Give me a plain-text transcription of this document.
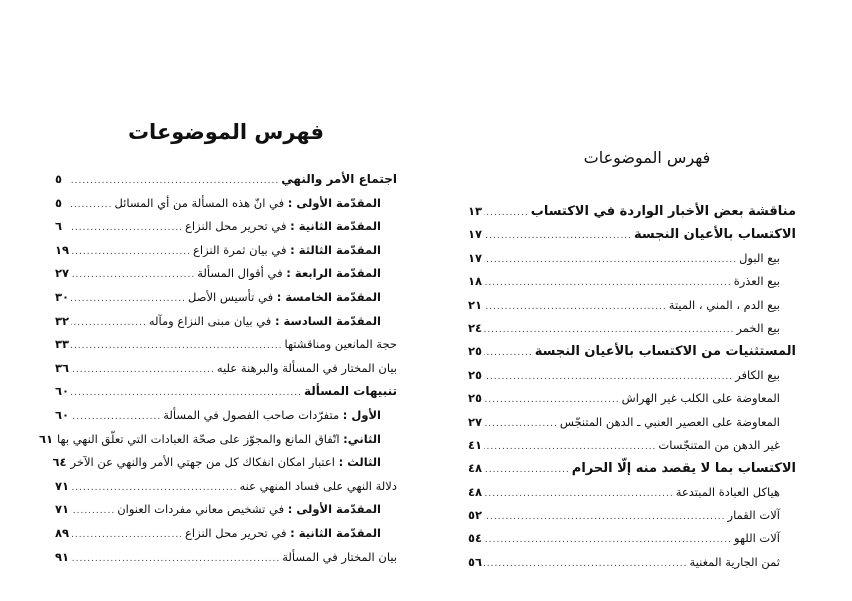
فهرس الموضوعات
اجتماع الأمر والنهي
.....
٥
المقدّمة الأولى : في انّ هذه المسألة من أي المسائل
.....
٥
المقدّمة الثانية : في تحرير محل النزاع
.....
٦
المقدّمة الثالثة : في بيان ثمرة النزاع
.....
١٩
المقدّمة الرابعة : في أقوال المسألة
.....
٢٧
المقدّمة الخامسة : في تأسيس الأصل
.....
٣٠
المقدّمة السادسة : في بيان مبنى النزاع ومآله
.....
٣٢
حجة المانعين ومناقشتها
.....
٣٣
بيان المختار في المسألة والبرهنة عليه
.....
٣٦
تنبيهات المسألة
.....
٦٠
الأول : متفرّدات صاحب الفصول في المسألة
.....
٦٠
الثاني: اتّفاق المانع والمجوّز على صحّة العبادات التي تعلّق النهي بها
٦١
الثالث : اعتبار امكان انفكاك كل من جهتي الأمر والنهي عن الآخر
٦٤
دلالة النهي على فساد المنهي عنه
.....
٧١
المقدّمة الأولى : في تشخيص معاني مفردات العنوان
.....
٧١
المقدّمة الثانية : في تحرير محل النزاع
.....
٨٩
بيان المختار في المسألة
.....
٩١
فهرس الموضوعات
مناقشة بعض الأخبار الواردة في الاكتساب
.....
١٣
الاكتساب بالأعيان النجسة
.....
١٧
بيع البول
.....
١٧
بيع العذرة
.....
١٨
بيع الدم ، المني ، الميتة
.....
٢١
بيع الخمر
.....
٢٤
المستثنيات من الاكتساب بالأعيان النجسة
.....
٢٥
بيع الكافر
.....
٢٥
المعاوضة على الكلب غير الهراش
.....
٢٥
المعاوضة على العصير العنبي ـ الدهن المتنجّس
.....
٢٧
غير الدهن من المتنجّسات
.....
٤١
الاكتساب بما لا يقصد منه إلّا الحرام
.....
٤٨
هياكل العبادة المبتدعة
.....
٤٨
آلات القمار
.....
٥٢
آلات اللهو
.....
٥٤
ثمن الجارية المغنية
.....
٥٦
